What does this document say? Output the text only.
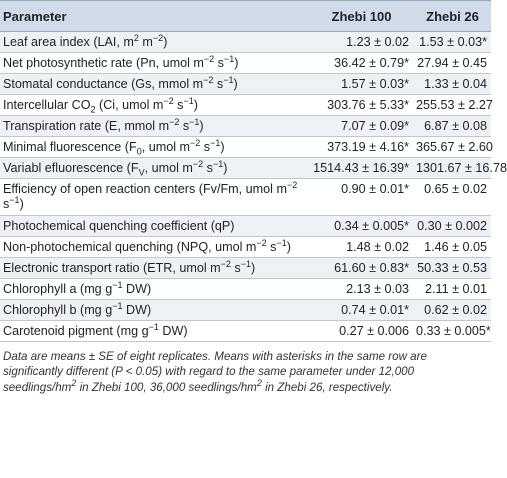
Parameter	Zhebi 100	Zhebi 26
Leaf area index (LAI, $m^2$ $m^{-2}$)	1.23 ± 0.02	1.53 ± 0.03*
Net photosynthetic rate (Pn, umol $m^{-2}$ $s^{-1}$)	36.42 ± 0.79*	27.94 ± 0.45
Stomatal conductance (Gs, mmol $m^{-2}$ $s^{-1}$)	1.57 ± 0.03*	1.33 ± 0.04
Intercellular $CO_2$ (Ci, umol $m^{-2}$ $s^{-1}$)	303.76 ± 5.33*	255.53 ± 2.27
Transpiration rate (E, mmol $m^{-2}$ $s^{-1}$)	7.07 ± 0.09*	6.87 ± 0.08
Minimal fluorescence ($F_0$, umol $m^{-2}$ $s^{-1}$)	373.19 ± 4.16*	365.67 ± 2.60
Variabl efluorescence ($F_V$, umol $m^{-2}$ $s^{-1}$)	1514.43 ± 16.39*	1301.67 ± 16.78
Efficiency of open reaction centers (Fv/Fm, umol $m^{-2}$ $s^{-1}$)	0.90 ± 0.01*	0.65 ± 0.02
Photochemical quenching coefficient (qP)	0.34 ± 0.005*	0.30 ± 0.002
Non-photochemical quenching (NPQ, umol $m^{-2}$ $s^{-1}$)	1.48 ± 0.02	1.46 ± 0.05
Electronic transport ratio (ETR, umol $m^{-2}$ $s^{-1}$)	61.60 ± 0.83*	50.33 ± 0.53
Chlorophyll a (mg $g^{-1}$ DW)	2.13 ± 0.03	2.11 ± 0.01
Chlorophyll b (mg $g^{-1}$ DW)	0.74 ± 0.01*	0.62 ± 0.02
Carotenoid pigment (mg $g^{-1}$ DW)	0.27 ± 0.006	0.33 ± 0.005*
Data are means ± SE of eight replicates. Means with asterisks in the same row are
significantly different (P < 0.05) with regard to the same parameter under 12,000
seedlings/$hm^2$ in Zhebi 100, 36,000 seedlings/$hm^2$ in Zhebi 26, respectively.
